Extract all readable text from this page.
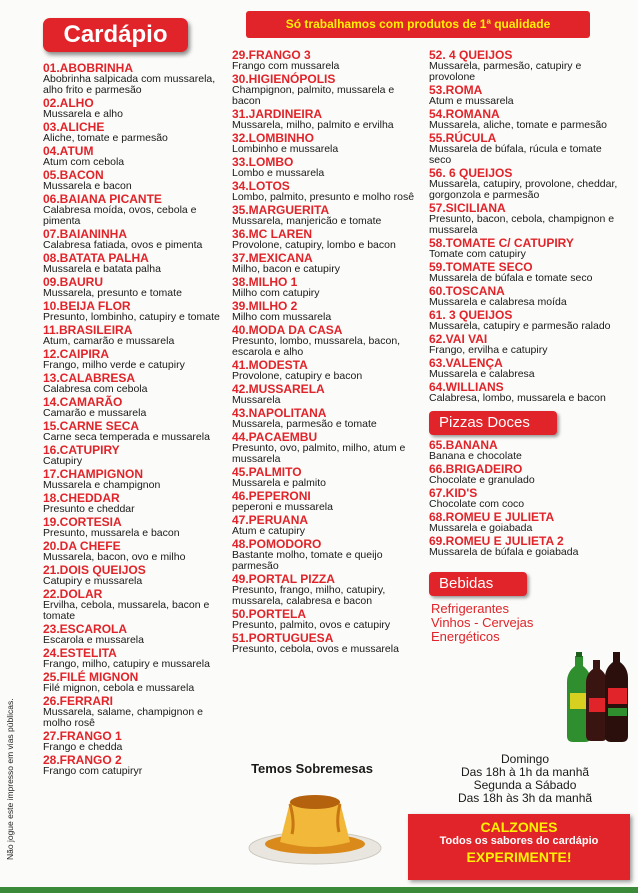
Cardápio	Só trabalhamos com produtos de 1ª qualidade
01.ABOBRINHA
Abobrinha salpicada com mussarela, alho frito e parmesão
02.ALHO
Mussarela e alho
03.ALICHE
Aliche, tomate e parmesão
04.ATUM
Atum com cebola
05.BACON
Mussarela e bacon
06.BAIANA PICANTE
Calabresa moída, ovos, cebola e pimenta
07.BAIANINHA
Calabresa fatiada, ovos e pimenta
08.BATATA PALHA
Mussarela e batata palha
09.BAURU
Mussarela, presunto e tomate
10.BEIJA FLOR
Presunto, lombinho, catupiry e tomate
11.BRASILEIRA
Atum, camarão e mussarela
12.CAIPIRA
Frango, milho verde e catupiry
13.CALABRESA
Calabresa com cebola
14.CAMARÃO
Camarão e mussarela
15.CARNE SECA
Carne seca temperada e mussarela
16.CATUPIRY
Catupiry
17.CHAMPIGNON
Mussarela e champignon
18.CHEDDAR
Presunto e cheddar
19.CORTESIA
Presunto, mussarela e bacon
20.DA CHEFE
Mussarela, bacon, ovo e milho
21.DOIS QUEIJOS
Catupiry e mussarela
22.DOLAR
Ervilha, cebola, mussarela, bacon e tomate
23.ESCAROLA
Escarola e mussarela
24.ESTELITA
Frango, milho, catupiry e mussarela
25.FILÉ MIGNON
Filé mignon, cebola e mussarela
26.FERRARI
Mussarela, salame, champignon e molho rosê
27.FRANGO 1
Frango e chedda
28.FRANGO 2
Frango com catupiryr
29.FRANGO 3
Frango com mussarela
30.HIGIENÓPOLIS
Champignon, palmito, mussarela e bacon
31.JARDINEIRA
Mussarela, milho, palmito e ervilha
32.LOMBINHO
Lombinho e mussarela
33.LOMBO
Lombo e mussarela
34.LOTOS
Lombo, palmito, presunto e molho rosê
35.MARGUERITA
Mussarela, manjericão e tomate
36.MC LAREN
Provolone, catupiry, lombo e bacon
37.MEXICANA
Milho, bacon e catupiry
38.MILHO 1
Milho com catupiry
39.MILHO 2
Milho com mussarela
40.MODA DA CASA
Presunto, lombo, mussarela, bacon, escarola e alho
41.MODESTA
Provolone, catupiry e bacon
42.MUSSARELA
Mussarela
43.NAPOLITANA
Mussarela, parmesão e tomate
44.PACAEMBU
Presunto, ovo, palmito, milho, atum e mussarela
45.PALMITO
Mussarela e palmito
46.PEPERONI
peperoni e mussarela
47.PERUANA
Atum e catupiry
48.POMODORO
Bastante molho, tomate e queijo parmesão
49.PORTAL PIZZA
Presunto, frango, milho, catupiry, mussarela, calabresa e bacon
50.PORTELA
Presunto, palmito, ovos e catupiry
51.PORTUGUESA
Presunto, cebola, ovos e mussarela
52. 4 QUEIJOS
Mussarela, parmesão, catupiry e provolone
53.ROMA
Atum e mussarela
54.ROMANA
Mussarela, aliche, tomate e parmesão
55.RÚCULA
Mussarela de búfala, rúcula e tomate seco
56. 6 QUEIJOS
Mussarela, catupiry, provolone, cheddar, gorgonzola e parmesão
57.SICILIANA
Presunto, bacon, cebola, champignon e mussarela
58.TOMATE C/ CATUPIRY
Tomate com catupiry
59.TOMATE SECO
Mussarela de búfala e tomate seco
60.TOSCANA
Mussarela e calabresa moída
61. 3 QUEIJOS
Mussarela, catupiry e parmesão ralado
62.VAI VAI
Frango, ervilha e catupiry
63.VALENÇA
Mussarela e calabresa
64.WILLIANS
Calabresa, lombo, mussarela e bacon
Pizzas Doces
65.BANANA
Banana e chocolate
66.BRIGADEIRO
Chocolate e granulado
67.KID'S
Chocolate com coco
68.ROMEU E JULIETA
Mussarela e goiabada
69.ROMEU E JULIETA 2
Mussarela de búfala e goiabada
Bebidas
Refrigerantes
Vinhos - Cervejas
Energéticos
Domingo
Das 18h à 1h da manhã
Segunda a Sábado
Das 18h às 3h da manhã
CALZONES
Todos os sabores do cardápio
EXPERIMENTE!
Temos Sobremesas
Não jogue este impresso em vias públicas.
